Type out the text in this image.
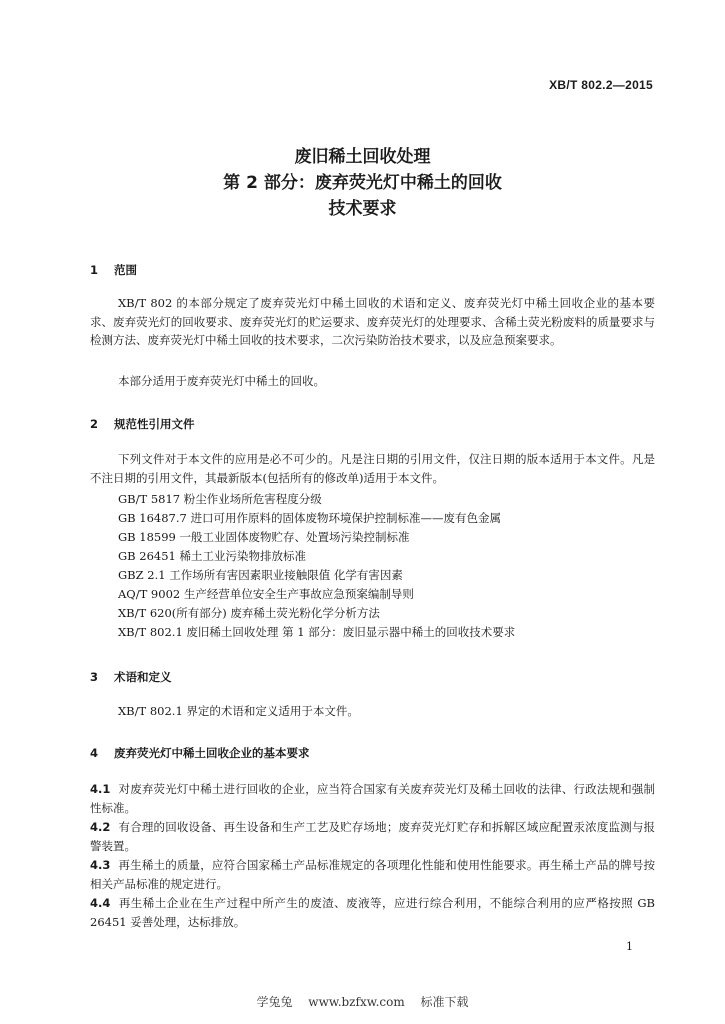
XB/T 802.2—2015
废旧稀土回收处理
第 2 部分：废弃荧光灯中稀土的回收
技术要求
1 范围
XB/T 802 的本部分规定了废弃荧光灯中稀土回收的术语和定义、废弃荧光灯中稀土回收企业的基本要求、废弃荧光灯的回收要求、废弃荧光灯的贮运要求、废弃荧光灯的处理要求、含稀土荧光粉废料的质量要求与检测方法、废弃荧光灯中稀土回收的技术要求，二次污染防治技术要求，以及应急预案要求。
本部分适用于废弃荧光灯中稀土的回收。
2 规范性引用文件
下列文件对于本文件的应用是必不可少的。凡是注日期的引用文件，仅注日期的版本适用于本文件。凡是不注日期的引用文件，其最新版本(包括所有的修改单)适用于本文件。
GB/T 5817 粉尘作业场所危害程度分级
GB 16487.7 进口可用作原料的固体废物环境保护控制标准——废有色金属
GB 18599 一般工业固体废物贮存、处置场污染控制标准
GB 26451 稀土工业污染物排放标准
GBZ 2.1 工作场所有害因素职业接触限值 化学有害因素
AQ/T 9002 生产经营单位安全生产事故应急预案编制导则
XB/T 620(所有部分) 废弃稀土荧光粉化学分析方法
XB/T 802.1 废旧稀土回收处理 第 1 部分：废旧显示器中稀土的回收技术要求
3 术语和定义
XB/T 802.1 界定的术语和定义适用于本文件。
4 废弃荧光灯中稀土回收企业的基本要求
4.1 对废弃荧光灯中稀土进行回收的企业，应当符合国家有关废弃荧光灯及稀土回收的法律、行政法规和强制性标准。
4.2 有合理的回收设备、再生设备和生产工艺及贮存场地；废弃荧光灯贮存和拆解区域应配置汞浓度监测与报警装置。
4.3 再生稀土的质量，应符合国家稀土产品标准规定的各项理化性能和使用性能要求。再生稀土产品的牌号按相关产品标准的规定进行。
4.4 再生稀土企业在生产过程中所产生的废渣、废液等，应进行综合利用，不能综合利用的应严格按照 GB 26451 妥善处理，达标排放。
1
学兔兔 www.bzfxw.com 标准下载
